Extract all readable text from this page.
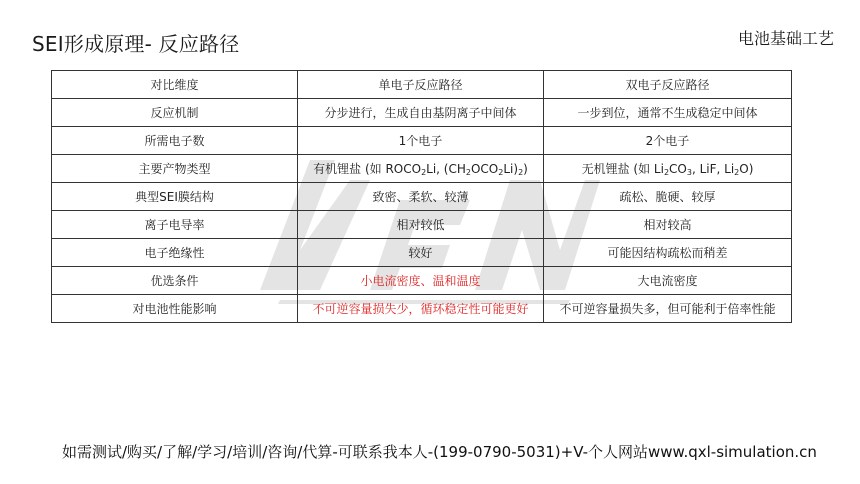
SEI形成原理- 反应路径	电池基础工艺
对比维度	单电子反应路径	双电子反应路径
反应机制	分步进行，生成自由基阴离子中间体	一步到位，通常不生成稳定中间体
所需电子数	1个电子	2个电子
主要产物类型	有机锂盐 (如 $ROCO_2Li$, $(CH_2OCO_2Li)_2$)	无机锂盐 (如 $Li_2CO_3$, LiF, $Li_2O$)
典型SEI膜结构	致密、柔软、较薄	疏松、脆硬、较厚
离子电导率	相对较低	相对较高
电子绝缘性	较好	可能因结构疏松而稍差
优选条件	小电流密度、温和温度	大电流密度
对电池性能影响	不可逆容量损失少，循环稳定性可能更好	不可逆容量损失多，但可能利于倍率性能
如需测试/购买/了解/学习/培训/咨询/代算-可联系我本人-(199-0790-5031)+V-个人网站www.qxl-simulation.cn
